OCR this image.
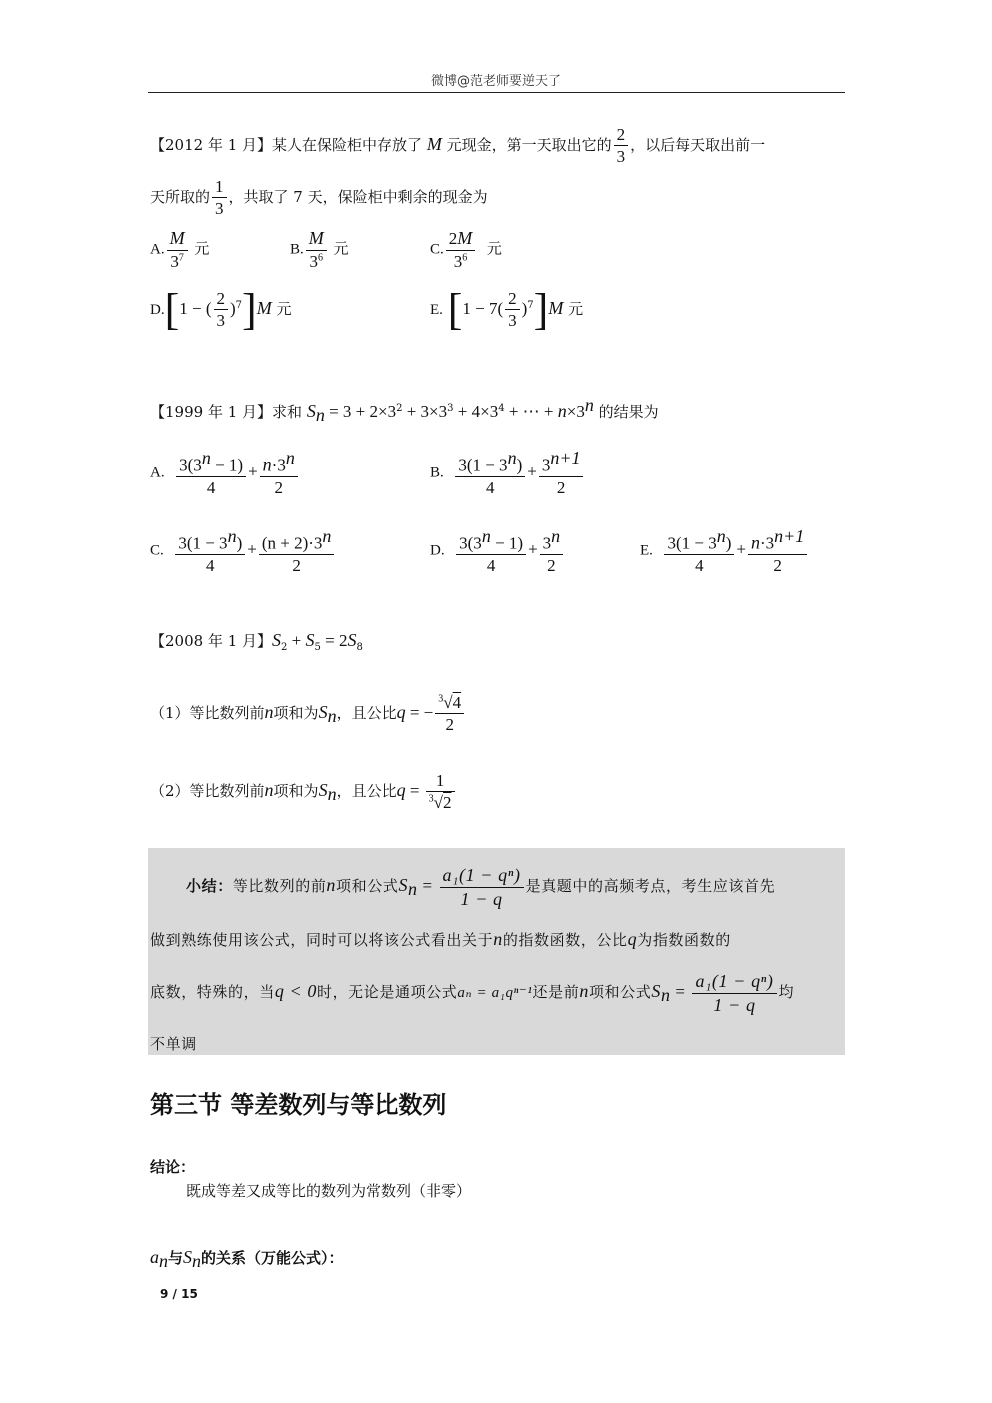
微博@范老师要逆天了
【2012 年 1 月】某人在保险柜中存放了 M 元现金，第一天取出它的 $\frac{2}{3}$ ，以后每天取出前一
天所取的 $\frac{1}{3}$ ，共取了 7 天，保险柜中剩余的现金为
A. $\frac{M}{3^7}$ 元	B. $\frac{M}{3^6}$ 元	C. $\frac{2M}{3^6}$ 元
D.[1 − ( $\frac{2}{3} )^7]M$ 元	E. $[1 - 7( \frac{2}{3} )^7]M$ 元
【1999 年 1 月】求和 $S_n = 3 + 2\times 3^2 + 3\times 3^3 + 4\times 3^4$ + ⋯ + $n\times 3^n$ 的结果为
A. $\frac{3(3^n - 1)}{4} + \frac{n\cdot 3^n}{2}$	B. $\frac{3(1 - 3^n)}{4} + \frac{3^{n+1}}{2}$
C. $\frac{3(1 - 3^n)}{4} + \frac{(n + 2)\cdot 3^n}{2}$	D. $\frac{3(3^n - 1)}{4} + \frac{3^n}{2}$	E. $\frac{3(1 - 3^n)}{4} + \frac{n\cdot 3^{n+1}}{2}$
【2008 年 1 月】$S_2 + S_5 = 2S_8$
（1）等比数列前n项和为$S_n$，且公比q = − $\frac{^3√4}{2}$
（2）等比数列前n项和为$S_n$，且公比$q = \frac{1}{^3√2}$
小结：等比数列的前n项和公式$S_n = \frac{\text{a₁(1 − qⁿ)}}{1 - q}$ 是真题中的高频考点，考生应该首先
做到熟练使用该公式，同时可以将该公式看出关于n的指数函数，公比q为指数函数的
底数，特殊的，当q < 0时，无论是通项公式aₙ = a₁qⁿ⁻¹还是前n项和公式$S_n = \frac{\text{a₁(1 − qⁿ)}}{1 - q}$ 均
不单调
第三节 等差数列与等比数列
结论：
既成等差又成等比的数列为常数列（非零）
$a_n$与$S_n$的关系（万能公式）：
9 / 15
